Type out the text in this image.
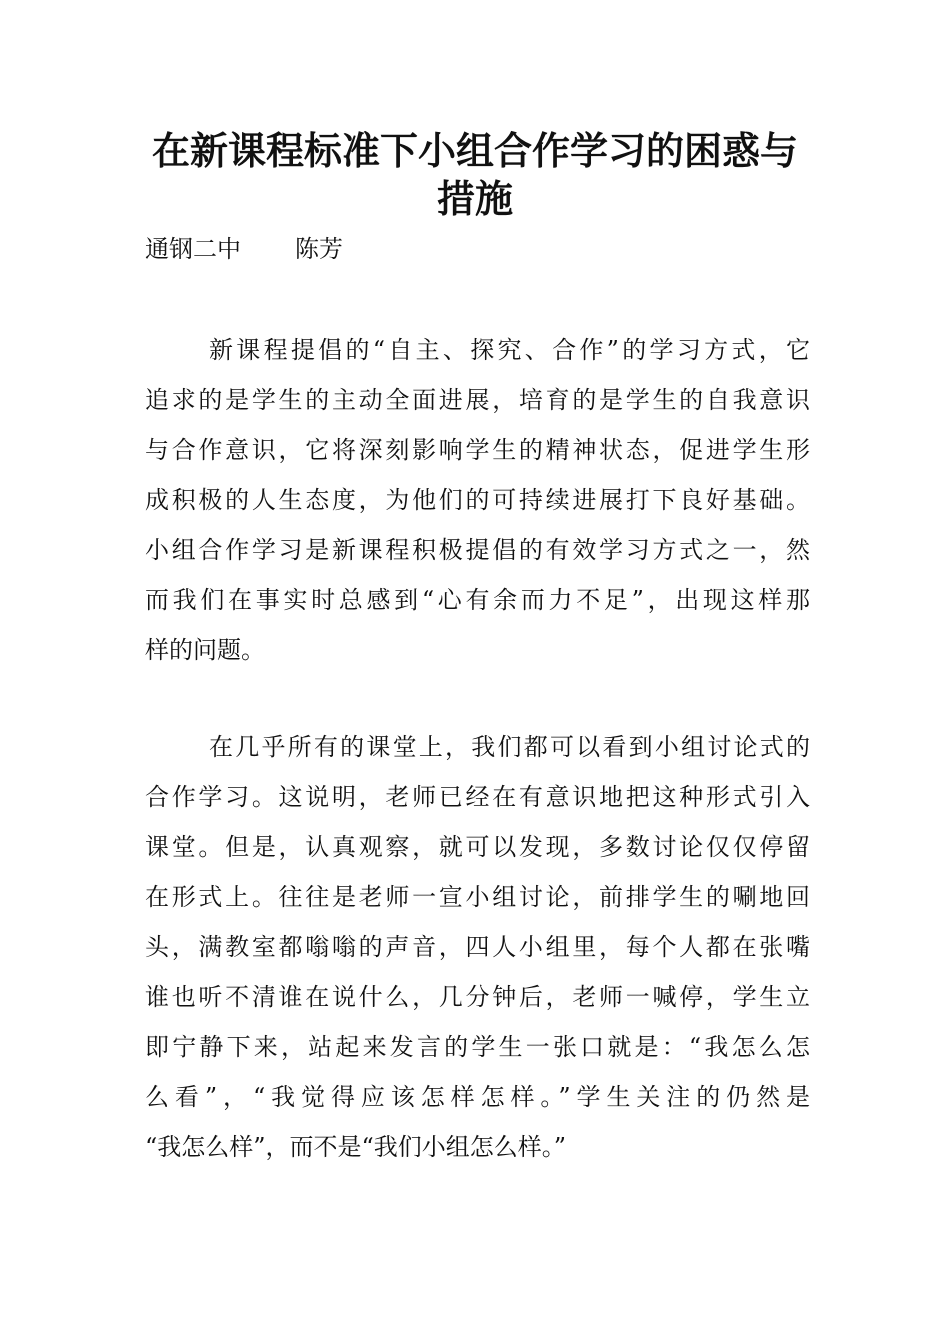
在新课程标准下小组合作学习的困惑与
措施
通钢二中 陈芳
新课程提倡的“自主、探究、合作”的学习方式，它
追求的是学生的主动全面进展，培育的是学生的自我意识
与合作意识，它将深刻影响学生的精神状态，促进学生形
成积极的人生态度，为他们的可持续进展打下良好基础。
小组合作学习是新课程积极提倡的有效学习方式之一，然
而我们在事实时总感到“心有余而力不足”，出现这样那
样的问题。
在几乎所有的课堂上，我们都可以看到小组讨论式的
合作学习。这说明，老师已经在有意识地把这种形式引入
课堂。但是，认真观察，就可以发现，多数讨论仅仅停留
在形式上。往往是老师一宣小组讨论，前排学生的唰地回
头，满教室都嗡嗡的声音，四人小组里，每个人都在张嘴
谁也听不清谁在说什么，几分钟后，老师一喊停，学生立
即宁静下来，站起来发言的学生一张口就是：“我怎么怎
么看”，“我觉得应该怎样怎样。”学生关注的仍然是
“我怎么样”，而不是“我们小组怎么样。”
